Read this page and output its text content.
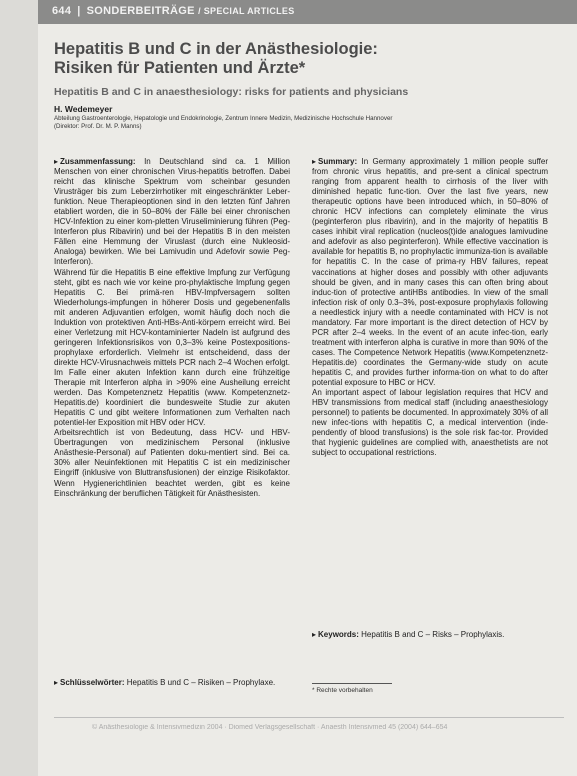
644 | SONDERBEITRÄGE / SPECIAL ARTICLES
Hepatitis B und C in der Anästhesiologie:
Risiken für Patienten und Ärzte*
Hepatitis B and C in anaesthesiology: risks for patients and physicians
H. Wedemeyer
Abteilung Gastroenterologie, Hepatologie und Endokrinologie, Zentrum Innere Medizin, Medizinische Hochschule Hannover
(Direktor: Prof. Dr. M. P. Manns)

▸ Zusammenfassung: In Deutschland sind ca. 1 Million Menschen von einer chronischen Virus-hepatitis betroffen. Dabei reicht das klinische Spektrum vom scheinbar gesunden Virusträger bis zum Leberzirrhotiker mit eingeschränkter Leber-funktion. Neue Therapieoptionen sind in den letzten fünf Jahren etabliert worden, die in 50–80% der Fälle bei einer chronischen HCV-Infektion zu einer kom-pletten Viruseliminierung führen (Peg-Interferon plus Ribavirin) und bei der Hepatitis B in den meisten Fällen eine Hemmung der Viruslast (durch eine Nukleosid-Analoga) bewirken. Wie bei Lamivudin und Adefovir sowie Peg-Interferon).

Während für die Hepatitis B eine effektive Impfung zur Verfügung steht, gibt es nach wie vor keine pro-phylaktische Impfung gegen Hepatitis C. Bei primä-ren HBV-Impfversagern sollten Wiederholungs-impfungen in höherer Dosis und gegebenenfalls mit anderen Adjuvantien erfolgen, womit häufig doch noch die Induktion von protektiven Anti-HBs-Anti-körpern erreicht wird. Bei einer Verletzung mit HCV-kontaminierter Nadeln ist aufgrund des geringeren Infektionsrisikos von 0,3–3% keine Postexpositions-prophylaxe erforderlich. Vielmehr ist entscheidend, dass der direkte HCV-Virusnachweis mittels PCR nach 2–4 Wochen erfolgt. Im Falle einer akuten Infektion kann durch eine frühzeitige Therapie mit Interferon alpha in >90% eine Ausheilung erreicht werden. Das Kompetenznetz Hepatitis (www. Kompetenznetz-Hepatitis.de) koordiniert die bundesweite Studie zur akuten Hepatitis C und gibt weitere Informationen zum Verhalten nach potentiel-ler Exposition mit HBV oder HCV.

Arbeitsrechtlich ist von Bedeutung, dass HCV- und HBV-Übertragungen von medizinischem Personal (inklusive Anästhesie-Personal) auf Patienten doku-mentiert sind. Bei ca. 30% aller Neuinfektionen mit Hepatitis C ist ein medizinischer Eingriff (inklusive von Bluttransfusionen) der einzige Risikofaktor. Wenn Hygienerichtlinien beachtet werden, gibt es keine Einschränkung der beruflichen Tätigkeit für Anästhesisten.

▸ Summary: In Germany approximately 1 million people suffer from chronic virus hepatitis, and pre-sent a clinical spectrum ranging from apparent health to cirrhosis of the liver with diminished hepatic func-tion. Over the last five years, new therapeutic options have been introduced which, in 50–80% of chronic HCV infections can completely eliminate the virus (peginterferon plus ribavirin), and in the majority of hepatitis B cases inhibit viral replication (nucleos(t)ide analogues lamivudine and adefovir as also peginterferon). While effective vaccination is available for hepatitis B, no prophylactic immuniza-tion is available for hepatitis C. In the case of prima-ry HBV failures, repeat vaccinations at higher doses and possibly with other adjuvants should be given, and in many cases this can often bring about induc-tion of protective antiHBs antibodies. In view of the small infection risk of only 0.3–3%, post-exposure prophylaxis following a needlestick injury with a needle contaminated with HCV is not mandatory. Far more important is the direct detection of HCV by PCR after 2–4 weeks. In the event of an acute infec-tion, early treatment with interferon alpha is curative in more than 90% of the cases. The Competence Network Hepatitis (www.Kompetenznetz-Hepatitis.de) coordinates the Germany-wide study on acute hepatitis C, and provides further informa-tion on what to do after potential exposure to HBC or HCV.

An important aspect of labour legislation requires that HCV and HBV transmissions from medical staff (including anaesthesiology personnel) to patients be documented. In approximately 30% of all new infec-tions with hepatitis C, a medical intervention (inde-pendently of blood transfusions) is the sole risk fac-tor. Provided that hygienic guidelines are complied with, anaesthetists are not subject to occupational restrictions.

▸ Schlüsselwörter: Hepatitis B und C – Risiken – Prophylaxe.
▸ Keywords: Hepatitis B and C – Risks – Prophylaxis.
* Rechte vorbehalten
© Anästhesiologie & Intensivmedizin 2004 · Diomed Verlagsgesellschaft · Anaesth Intensivmed 45 (2004) 644–654
